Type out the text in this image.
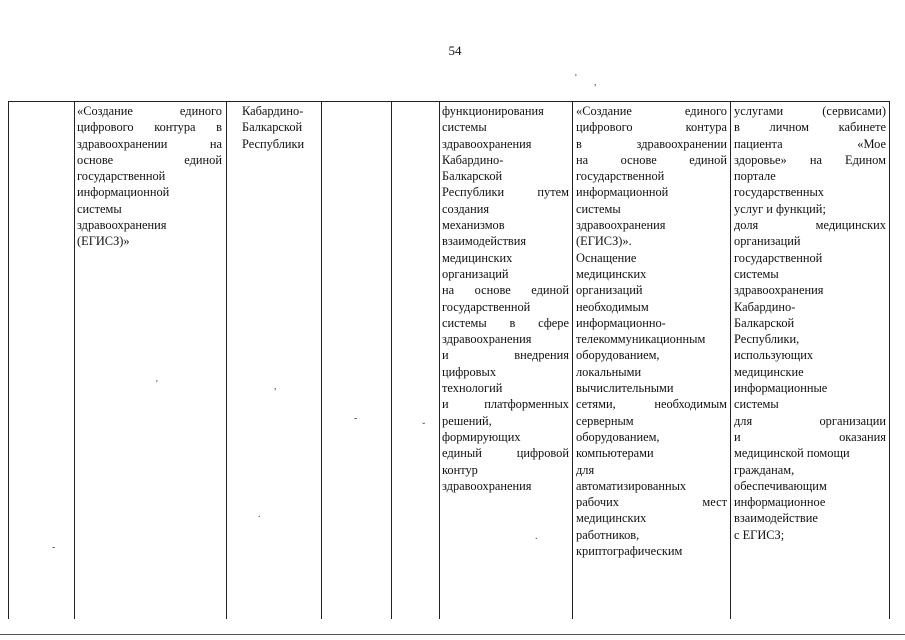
54
«Создание единого
цифрового контура в
здравоохранении на
основе единой
государственной
информационной
системы
здравоохранения
(ЕГИСЗ)»
Кабардино-
Балкарской
Республики
функционирования
системы
здравоохранения
Кабардино-
Балкарской
Республики путем
создания
механизмов
взаимодействия
медицинских
организаций
на основе единой
государственной
системы в сфере
здравоохранения
и внедрения
цифровых
технологий
и платформенных
решений,
формирующих
единый цифровой
контур
здравоохранения
«Создание единого
цифрового контура
в здравоохранении
на основе единой
государственной
информационной
системы
здравоохранения
(ЕГИСЗ)».
Оснащение
медицинских
организаций
необходимым
информационно-
телекоммуникационным
оборудованием,
локальными
вычислительными
сетями, необходимым
серверным
оборудованием,
компьютерами
для
автоматизированных
рабочих мест
медицинских
работников,
криптографическим
услугами (сервисами)
в личном кабинете
пациента «Мое
здоровье» на Едином
портале
государственных
услуг и функций;
доля медицинских
организаций
государственной
системы
здравоохранения
Кабардино-
Балкарской
Республики,
использующих
медицинские
информационные
системы
для организации
и оказания
медицинской помощи
гражданам,
обеспечивающим
информационное
взаимодействие
с ЕГИСЗ;
' ,
'	,
-
ˇ
-
.
.
